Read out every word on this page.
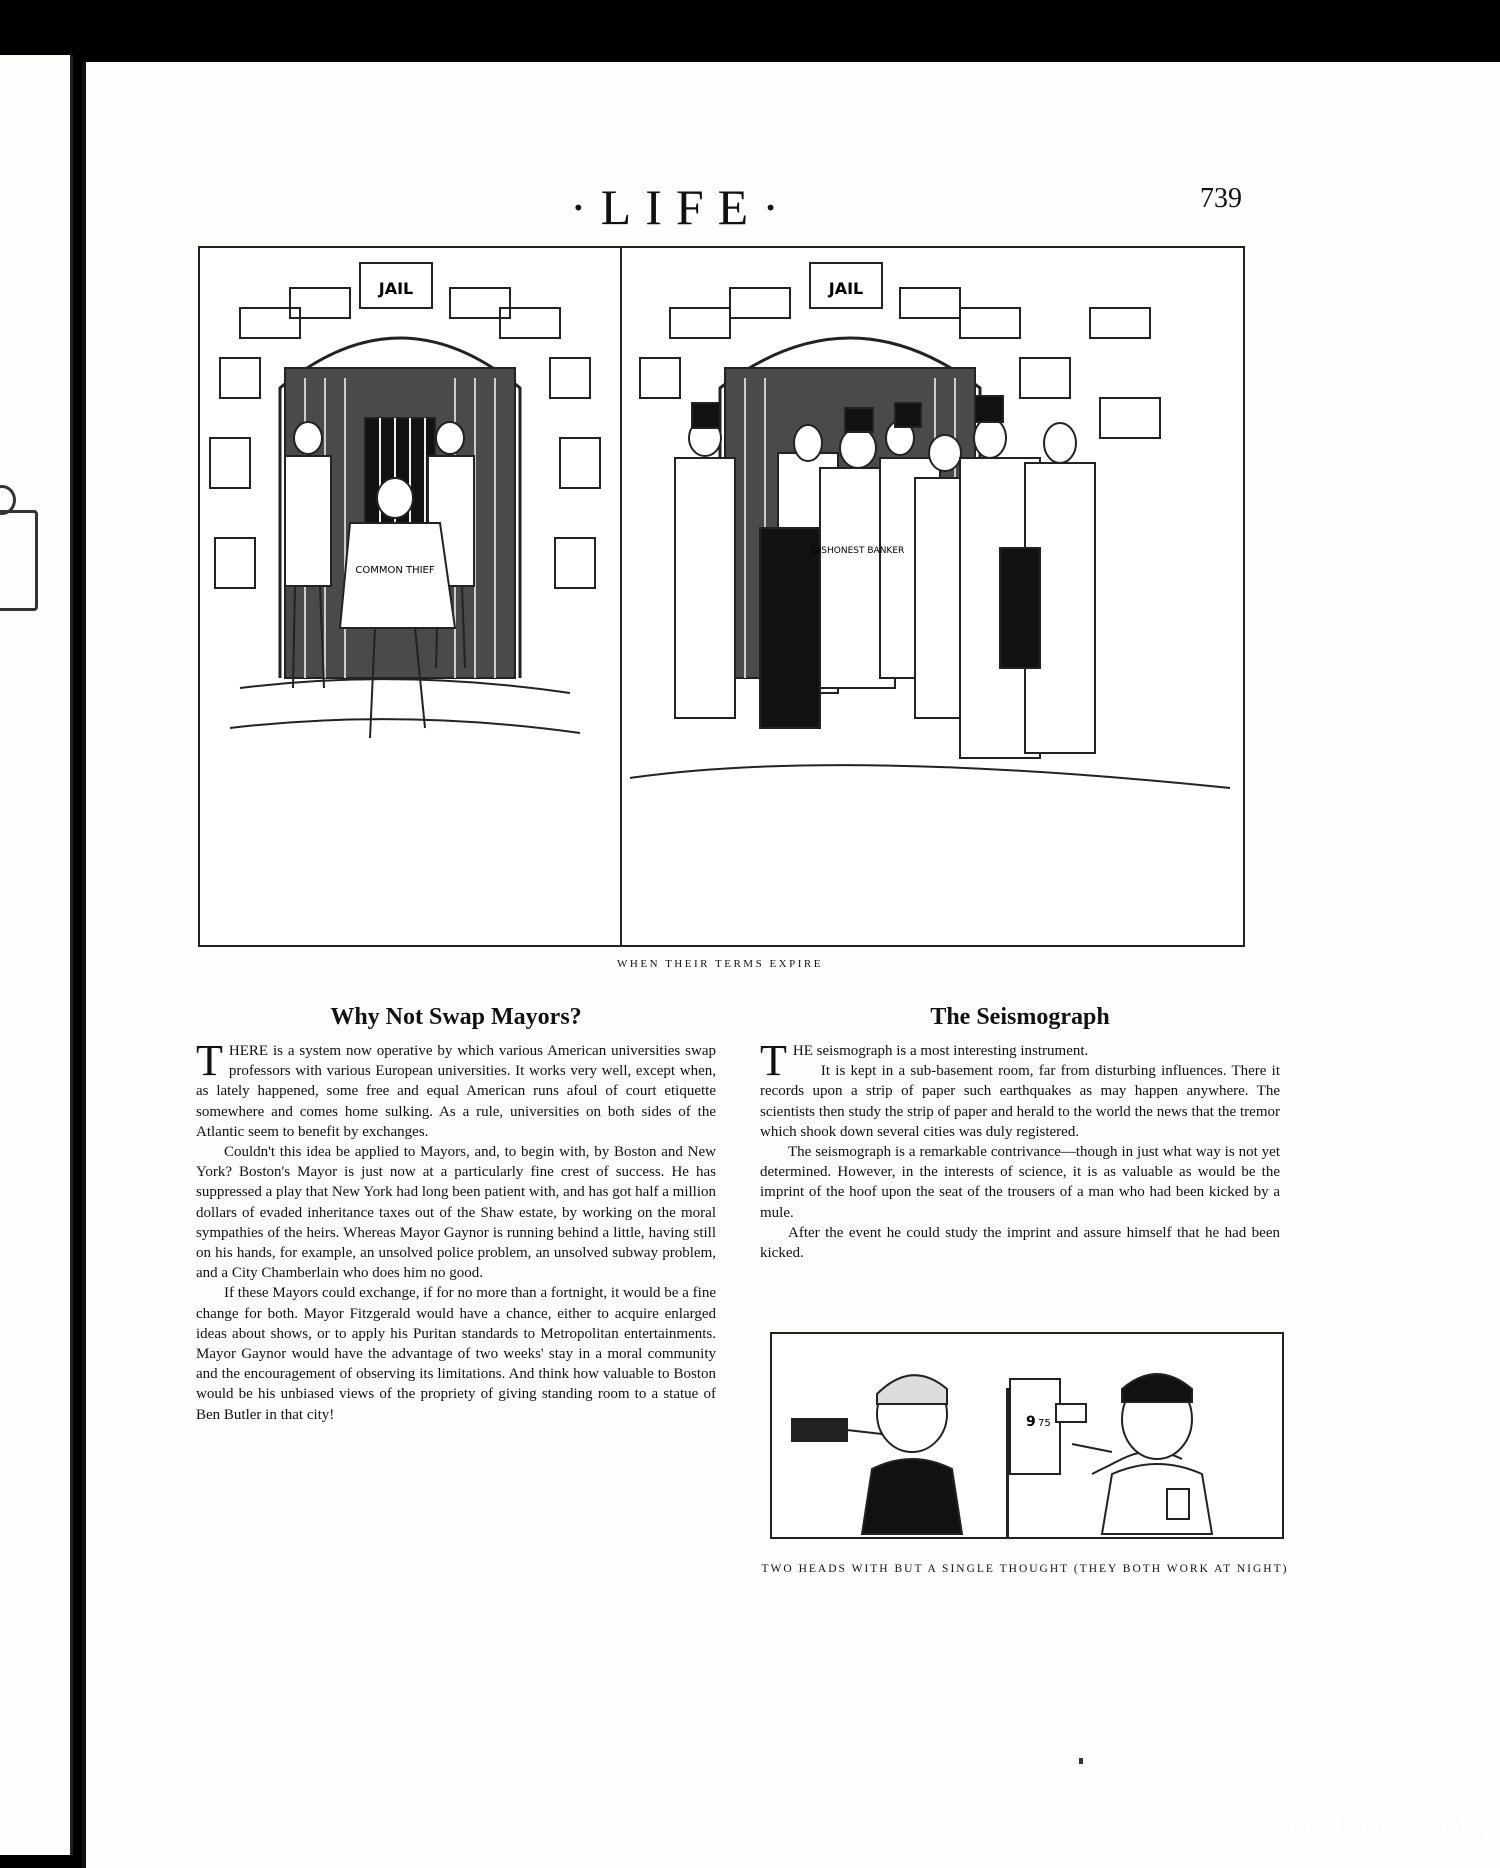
·LIFE·	739
JAIL
COMMON THIEF
JAIL
DISHONEST BANKER
WHEN THEIR TERMS EXPIRE
Why Not Swap Mayors?

THERE is a system now operative by which various American universities swap professors with various European universities. It works very well, except when, as lately happened, some free and equal American runs afoul of court etiquette somewhere and comes home sulking. As a rule, universities on both sides of the Atlantic seem to benefit by exchanges.

Couldn't this idea be applied to Mayors, and, to begin with, by Boston and New York? Boston's Mayor is just now at a particularly fine crest of success. He has suppressed a play that New York had long been patient with, and has got half a million dollars of evaded inheritance taxes out of the Shaw estate, by working on the moral sympathies of the heirs. Whereas Mayor Gaynor is running behind a little, having still on his hands, for example, an unsolved police problem, an unsolved subway problem, and a City Chamberlain who does him no good.

If these Mayors could exchange, if for no more than a fortnight, it would be a fine change for both. Mayor Fitzgerald would have a chance, either to acquire enlarged ideas about shows, or to apply his Puritan standards to Metropolitan entertainments. Mayor Gaynor would have the advantage of two weeks' stay in a moral community and the encouragement of observing its limitations. And think how valuable to Boston would be his unbiased views of the propriety of giving standing room to a statue of Ben Butler in that city!

The Seismograph

THE seismograph is a most interesting instrument.

It is kept in a sub-basement room, far from disturbing influences. There it records upon a strip of paper such earthquakes as may happen anywhere. The scientists then study the strip of paper and herald to the world the news that the tremor which shook down several cities was duly registered.

The seismograph is a remarkable contrivance—though in just what way is not yet determined. However, in the interests of science, it is as valuable as would be the imprint of the hoof upon the seat of the trousers of a man who had been kicked by a mule.

After the event he could study the imprint and assure himself that he had been kicked.

9 75
TWO HEADS WITH BUT A SINGLE THOUGHT (THEY BOTH WORK AT NIGHT)
comicbooks.com
